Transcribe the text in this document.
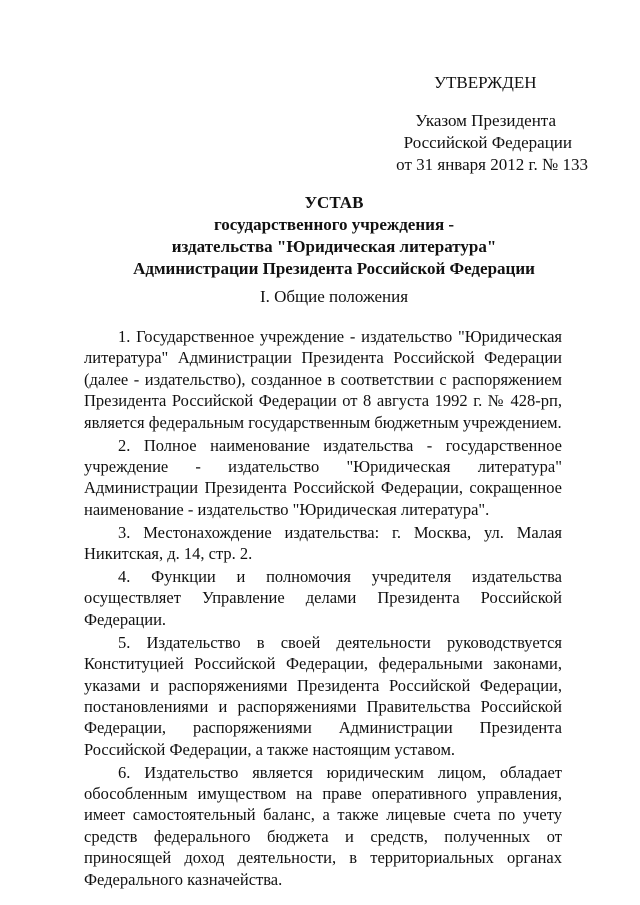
УТВЕРЖДЕН
Указом Президента
Российской Федерации
от 31 января 2012 г. № 133
УСТАВ
государственного учреждения -
издательства "Юридическая литература"
Администрации Президента Российской Федерации
I. Общие положения

1. Государственное учреждение - издательство "Юридическая литература" Администрации Президента Российской Федерации (далее - издательство), созданное в соответствии с распоряжением Президента Российской Федерации от 8 августа 1992 г. № 428-рп, является федеральным государственным бюджетным учреждением.

2. Полное наименование издательства - государственное учреждение - издательство "Юридическая литература" Администрации Президента Российской Федерации, сокращенное наименование - издательство "Юридическая литература".

3. Местонахождение издательства: г. Москва, ул. Малая Никитская, д. 14, стр. 2.

4. Функции и полномочия учредителя издательства осуществляет Управление делами Президента Российской Федерации.

5. Издательство в своей деятельности руководствуется Конституцией Российской Федерации, федеральными законами, указами и распоряжениями Президента Российской Федерации, постановлениями и распоряжениями Правительства Российской Федерации, распоряжениями Администрации Президента Российской Федерации, а также настоящим уставом.

6. Издательство является юридическим лицом, обладает обособленным имуществом на праве оперативного управления, имеет самостоятельный баланс, а также лицевые счета по учету средств федерального бюджета и средств, полученных от приносящей доход деятельности, в территориальных органах Федерального казначейства.
